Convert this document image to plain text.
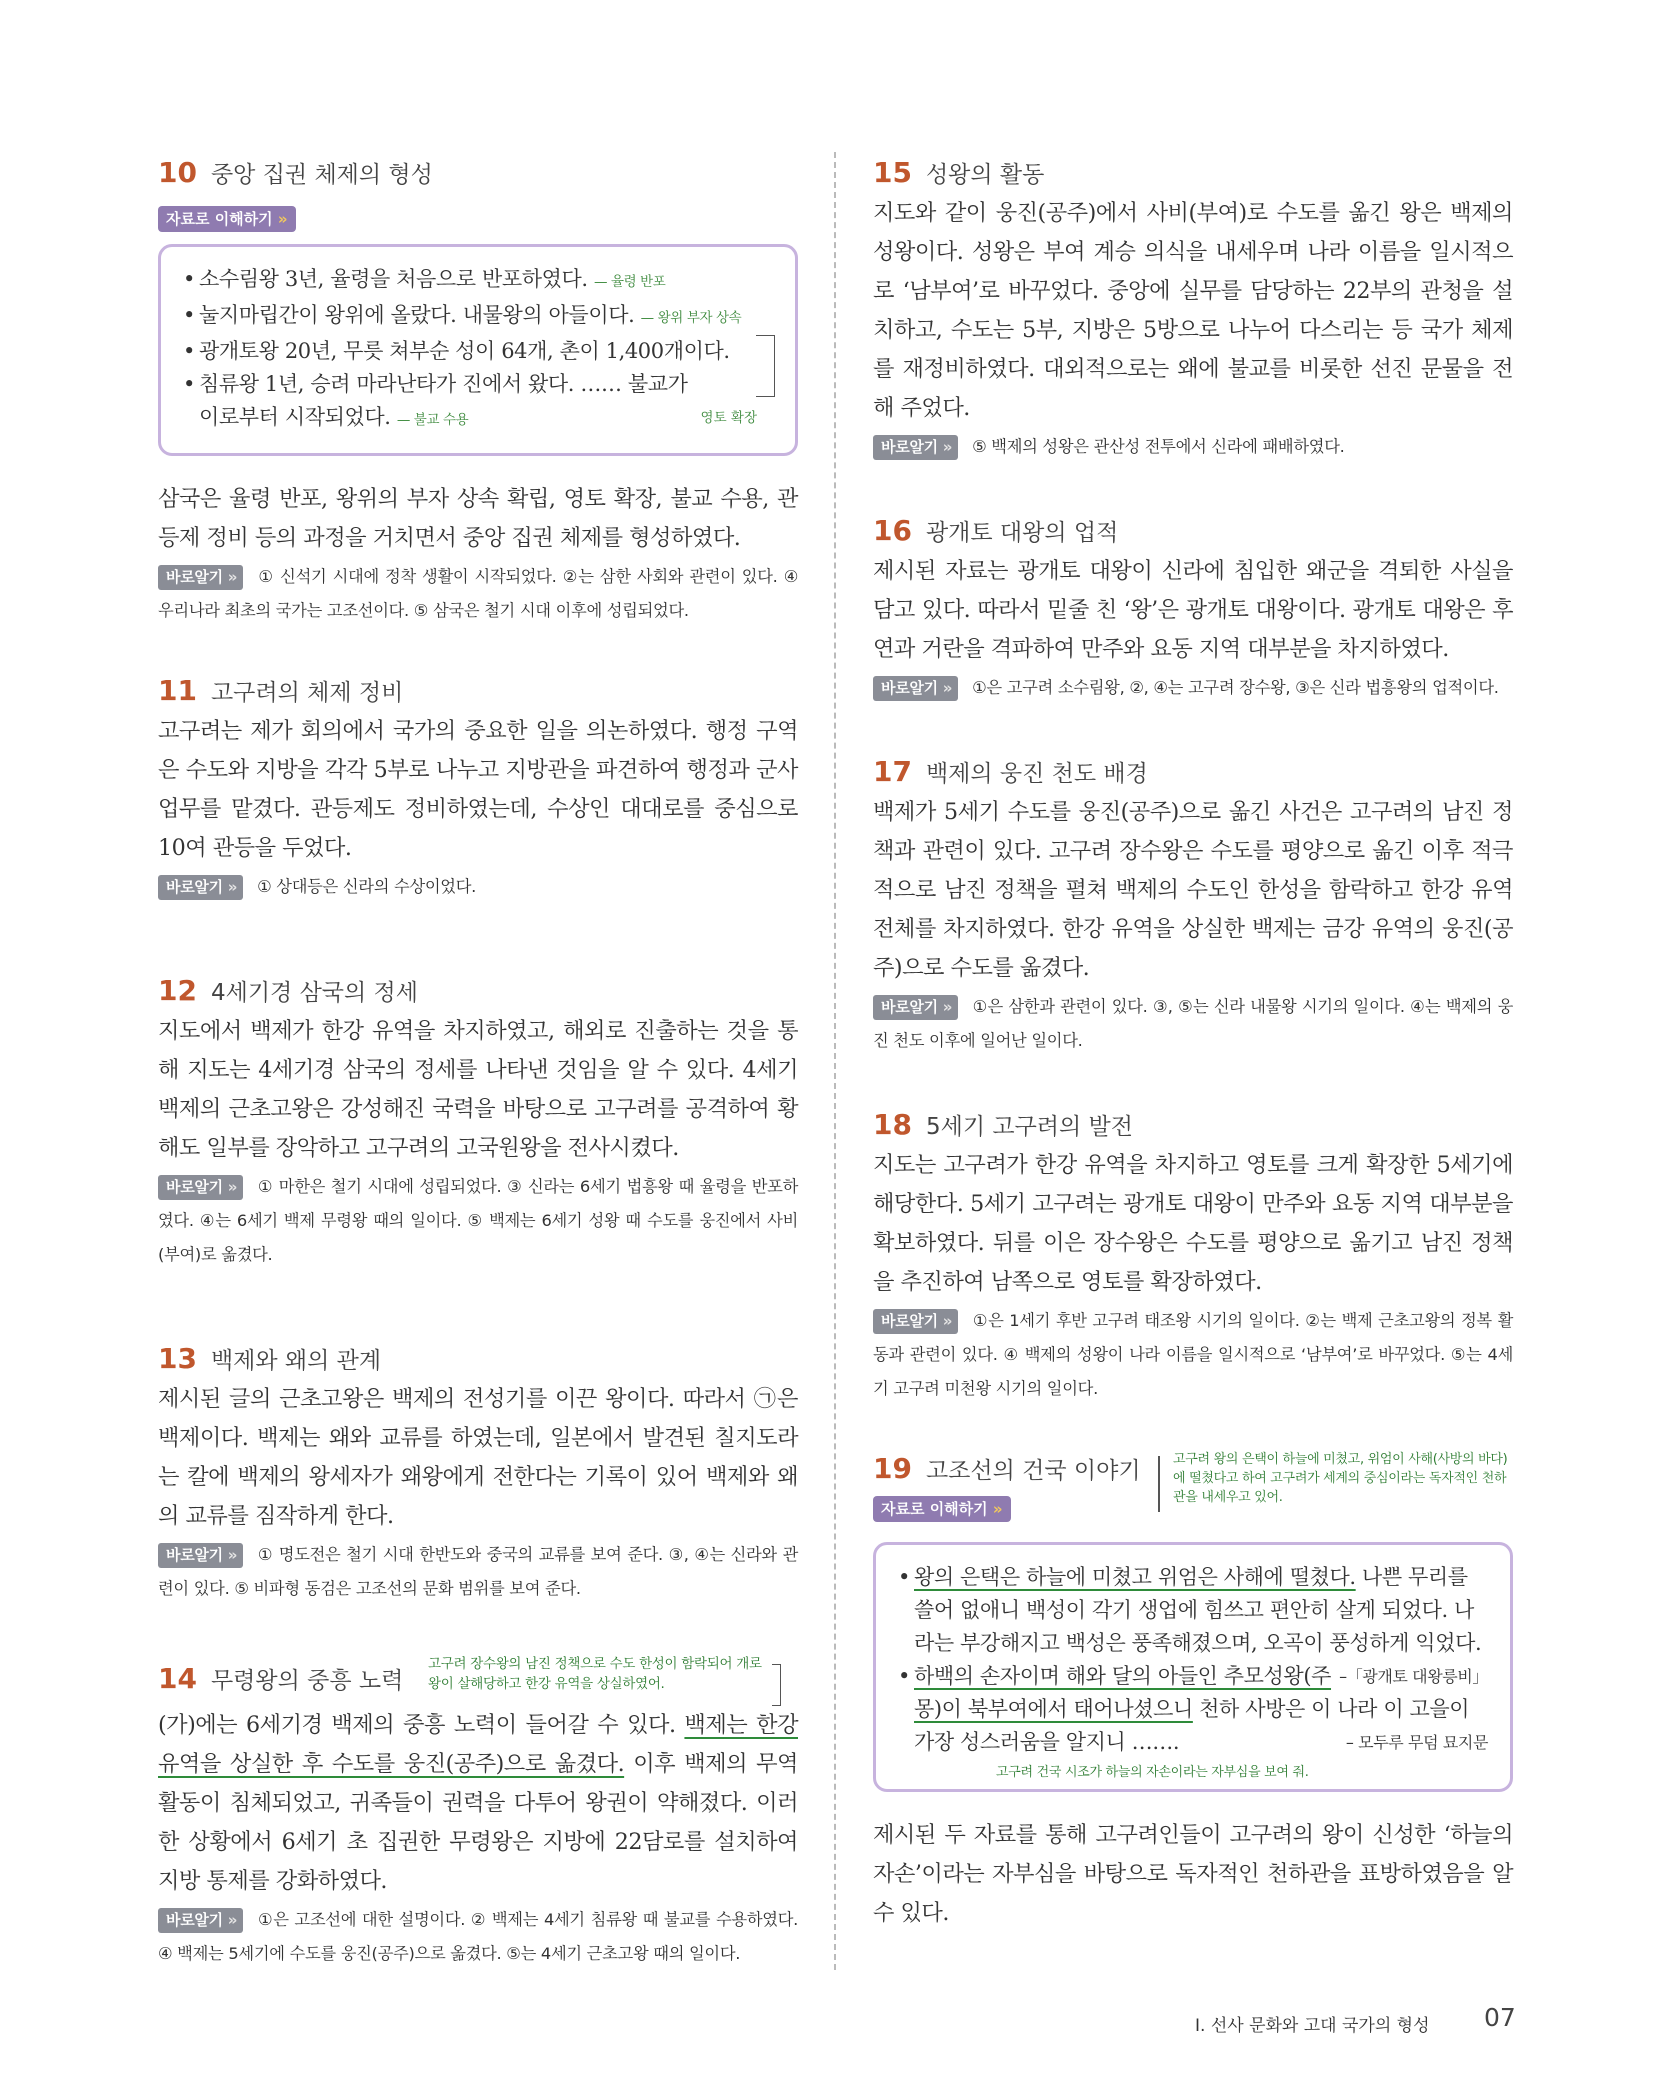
10 중앙 집권 체제의 형성
자료로 이해하기 »
• 소수림왕 3년, 율령을 처음으로 반포하였다. — 율령 반포
• 눌지마립간이 왕위에 올랐다. 내물왕의 아들이다. — 왕위 부자 상속
• 광개토왕 20년, 무릇 쳐부순 성이 64개, 촌이 1,400개이다.
• 침류왕 1년, 승려 마라난타가 진에서 왔다. …… 불교가 이로부터 시작되었다. — 불교 수용	영토 확장

삼국은 율령 반포, 왕위의 부자 상속 확립, 영토 확장, 불교 수용, 관등제 정비 등의 과정을 거치면서 중앙 집권 체제를 형성하였다.

바로알기 » ① 신석기 시대에 정착 생활이 시작되었다. ②는 삼한 사회와 관련이 있다. ④ 우리나라 최초의 국가는 고조선이다. ⑤ 삼국은 철기 시대 이후에 성립되었다.

11 고구려의 체제 정비

고구려는 제가 회의에서 국가의 중요한 일을 의논하였다. 행정 구역은 수도와 지방을 각각 5부로 나누고 지방관을 파견하여 행정과 군사 업무를 맡겼다. 관등제도 정비하였는데, 수상인 대대로를 중심으로 10여 관등을 두었다.

바로알기 » ① 상대등은 신라의 수상이었다.

12 4세기경 삼국의 정세

지도에서 백제가 한강 유역을 차지하였고, 해외로 진출하는 것을 통해 지도는 4세기경 삼국의 정세를 나타낸 것임을 알 수 있다. 4세기 백제의 근초고왕은 강성해진 국력을 바탕으로 고구려를 공격하여 황해도 일부를 장악하고 고구려의 고국원왕을 전사시켰다.

바로알기 » ① 마한은 철기 시대에 성립되었다. ③ 신라는 6세기 법흥왕 때 율령을 반포하였다. ④는 6세기 백제 무령왕 때의 일이다. ⑤ 백제는 6세기 성왕 때 수도를 웅진에서 사비(부여)로 옮겼다.

13 백제와 왜의 관계

제시된 글의 근초고왕은 백제의 전성기를 이끈 왕이다. 따라서 ㉠은 백제이다. 백제는 왜와 교류를 하였는데, 일본에서 발견된 칠지도라는 칼에 백제의 왕세자가 왜왕에게 전한다는 기록이 있어 백제와 왜의 교류를 짐작하게 한다.

바로알기 » ① 명도전은 철기 시대 한반도와 중국의 교류를 보여 준다. ③, ④는 신라와 관련이 있다. ⑤ 비파형 동검은 고조선의 문화 범위를 보여 준다.

14 무령왕의 중흥 노력
고구려 장수왕의 남진 정책으로 수도 한성이 함락되어 개로왕이 살해당하고 한강 유역을 상실하였어.

(가)에는 6세기경 백제의 중흥 노력이 들어갈 수 있다. 백제는 한강 유역을 상실한 후 수도를 웅진(공주)으로 옮겼다. 이후 백제의 무역 활동이 침체되었고, 귀족들이 권력을 다투어 왕권이 약해졌다. 이러한 상황에서 6세기 초 집권한 무령왕은 지방에 22담로를 설치하여 지방 통제를 강화하였다.

바로알기 » ①은 고조선에 대한 설명이다. ② 백제는 4세기 침류왕 때 불교를 수용하였다. ④ 백제는 5세기에 수도를 웅진(공주)으로 옮겼다. ⑤는 4세기 근초고왕 때의 일이다.

15 성왕의 활동

지도와 같이 웅진(공주)에서 사비(부여)로 수도를 옮긴 왕은 백제의 성왕이다. 성왕은 부여 계승 의식을 내세우며 나라 이름을 일시적으로 ‘남부여’로 바꾸었다. 중앙에 실무를 담당하는 22부의 관청을 설치하고, 수도는 5부, 지방은 5방으로 나누어 다스리는 등 국가 체제를 재정비하였다. 대외적으로는 왜에 불교를 비롯한 선진 문물을 전해 주었다.

바로알기 » ⑤ 백제의 성왕은 관산성 전투에서 신라에 패배하였다.

16 광개토 대왕의 업적

제시된 자료는 광개토 대왕이 신라에 침입한 왜군을 격퇴한 사실을 담고 있다. 따라서 밑줄 친 ‘왕’은 광개토 대왕이다. 광개토 대왕은 후연과 거란을 격파하여 만주와 요동 지역 대부분을 차지하였다.

바로알기 » ①은 고구려 소수림왕, ②, ④는 고구려 장수왕, ③은 신라 법흥왕의 업적이다.

17 백제의 웅진 천도 배경

백제가 5세기 수도를 웅진(공주)으로 옮긴 사건은 고구려의 남진 정책과 관련이 있다. 고구려 장수왕은 수도를 평양으로 옮긴 이후 적극적으로 남진 정책을 펼쳐 백제의 수도인 한성을 함락하고 한강 유역 전체를 차지하였다. 한강 유역을 상실한 백제는 금강 유역의 웅진(공주)으로 수도를 옮겼다.

바로알기 » ①은 삼한과 관련이 있다. ③, ⑤는 신라 내물왕 시기의 일이다. ④는 백제의 웅진 천도 이후에 일어난 일이다.

18 5세기 고구려의 발전

지도는 고구려가 한강 유역을 차지하고 영토를 크게 확장한 5세기에 해당한다. 5세기 고구려는 광개토 대왕이 만주와 요동 지역 대부분을 확보하였다. 뒤를 이은 장수왕은 수도를 평양으로 옮기고 남진 정책을 추진하여 남쪽으로 영토를 확장하였다.

바로알기 » ①은 1세기 후반 고구려 태조왕 시기의 일이다. ②는 백제 근초고왕의 정복 활동과 관련이 있다. ④ 백제의 성왕이 나라 이름을 일시적으로 ‘남부여’로 바꾸었다. ⑤는 4세기 고구려 미천왕 시기의 일이다.

19 고조선의 건국 이야기 고구려 왕의 은택이 하늘에 미쳤고, 위엄이 사해(사방의 바다)에 떨쳤다고 하여 고구려가 세계의 중심이라는 독자적인 천하관을 내세우고 있어.
자료로 이해하기 »
• 왕의 은택은 하늘에 미쳤고 위엄은 사해에 떨쳤다. 나쁜 무리를 쓸어 없애니 백성이 각기 생업에 힘쓰고 편안히 살게 되었다. 나라는 부강해지고 백성은 풍족해졌으며, 오곡이 풍성하게 익었다.
–「광개토 대왕릉비」
• 하백의 손자이며 해와 달의 아들인 추모성왕(주몽)이 북부여에서 태어나셨으니 천하 사방은 이 나라 이 고을이 가장 성스러움을 알지니 …….	– 모두루 무덤 묘지문
고구려 건국 시조가 하늘의 자손이라는 자부심을 보여 줘.

제시된 두 자료를 통해 고구려인들이 고구려의 왕이 신성한 ‘하늘의 자손’이라는 자부심을 바탕으로 독자적인 천하관을 표방하였음을 알 수 있다.

I. 선사 문화와 고대 국가의 형성 07
